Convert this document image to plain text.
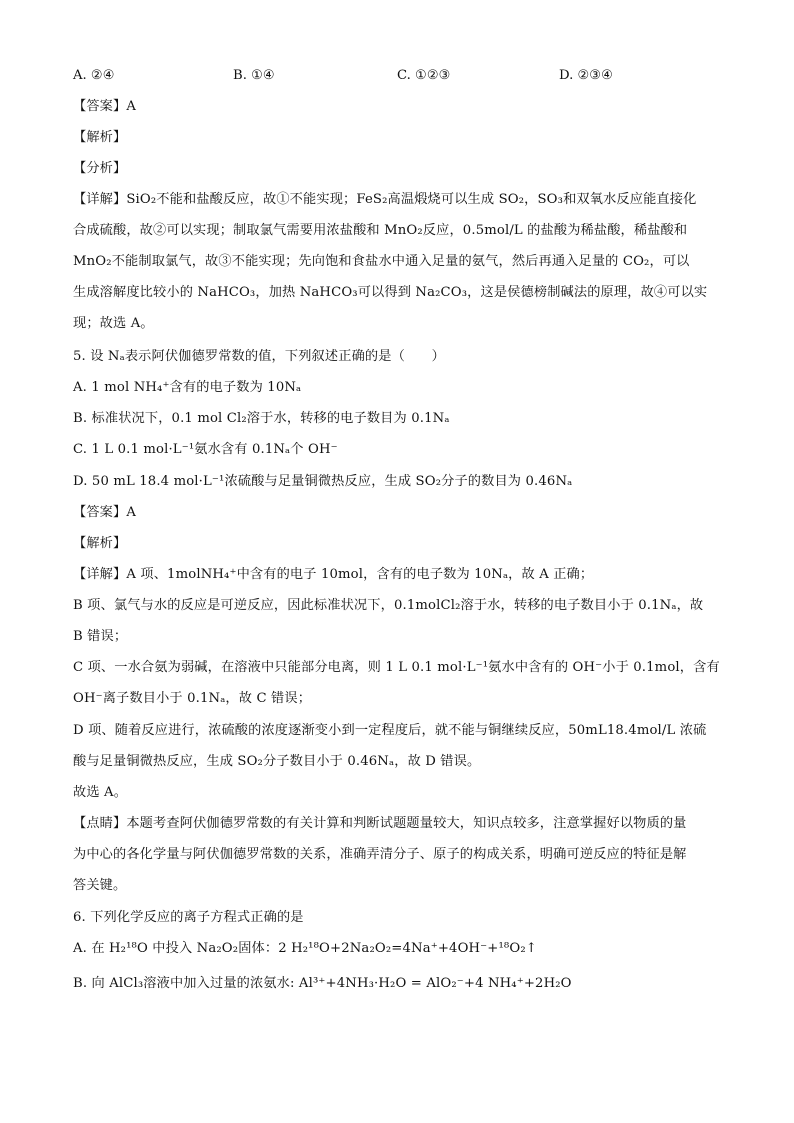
A. ②④	B. ①④	C. ①②③	D. ②③④
【答案】A
【解析】
【分析】
【详解】SiO₂不能和盐酸反应，故①不能实现；FeS₂高温煅烧可以生成 SO₂，SO₃和双氧水反应能直接化
合成硫酸，故②可以实现；制取氯气需要用浓盐酸和 MnO₂反应，0.5mol/L 的盐酸为稀盐酸，稀盐酸和
MnO₂不能制取氯气，故③不能实现；先向饱和食盐水中通入足量的氨气，然后再通入足量的 CO₂，可以
生成溶解度比较小的 NaHCO₃，加热 NaHCO₃可以得到 Na₂CO₃，这是侯德榜制碱法的原理，故④可以实
现；故选 A。
5. 设 Nₐ表示阿伏伽德罗常数的值，下列叙述正确的是（　　）
A. 1 mol NH₄⁺含有的电子数为 10Nₐ
B. 标准状况下，0.1 mol Cl₂溶于水，转移的电子数目为 0.1Nₐ
C. 1 L 0.1 mol·L⁻¹氨水含有 0.1Nₐ个 OH⁻
D. 50 mL 18.4 mol·L⁻¹浓硫酸与足量铜微热反应，生成 SO₂分子的数目为 0.46Nₐ
【答案】A
【解析】
【详解】A 项、1molNH₄⁺中含有的电子 10mol，含有的电子数为 10Nₐ，故 A 正确；
B 项、氯气与水的反应是可逆反应，因此标准状况下，0.1molCl₂溶于水，转移的电子数目小于 0.1Nₐ，故
B 错误；
C 项、一水合氨为弱碱，在溶液中只能部分电离，则 1 L 0.1 mol·L⁻¹氨水中含有的 OH⁻小于 0.1mol，含有
OH⁻离子数目小于 0.1Nₐ，故 C 错误；
D 项、随着反应进行，浓硫酸的浓度逐渐变小到一定程度后，就不能与铜继续反应，50mL18.4mol/L 浓硫
酸与足量铜微热反应，生成 SO₂分子数目小于 0.46Nₐ，故 D 错误。
故选 A。
【点睛】本题考查阿伏伽德罗常数的有关计算和判断试题题量较大，知识点较多，注意掌握好以物质的量
为中心的各化学量与阿伏伽德罗常数的关系，准确弄清分子、原子的构成关系，明确可逆反应的特征是解
答关键。
6. 下列化学反应的离子方程式正确的是
A. 在 H₂¹⁸O 中投入 Na₂O₂固体：2 H₂¹⁸O+2Na₂O₂=4Na⁺+4OH⁻+¹⁸O₂↑
B. 向 AlCl₃溶液中加入过量的浓氨水: Al³⁺+4NH₃·H₂O = AlO₂⁻+4 NH₄⁺+2H₂O
